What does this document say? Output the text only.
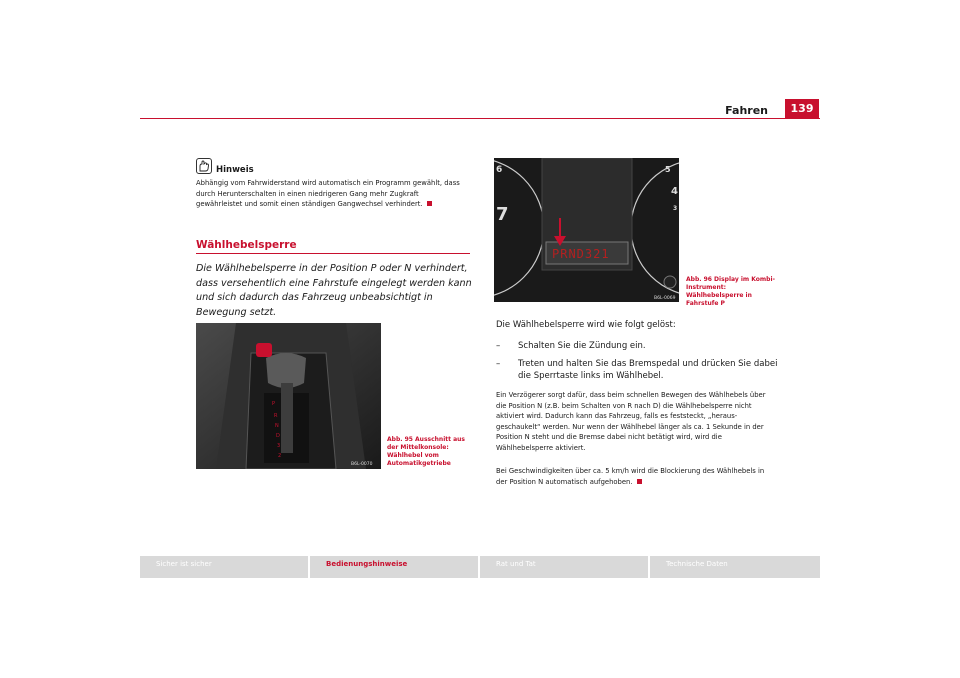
Fahren	139
Hinweis
Abhängig vom Fahrwiderstand wird automatisch ein Programm gewählt, dass durch Herunterschalten in einen niedrigeren Gang mehr Zugkraft gewährleistet und somit einen ständigen Gangwechsel verhindert.
Wählhebelsperre
Die Wählhebelsperre in der Position P oder N verhindert, dass versehentlich eine Fahrstufe eingelegt werden kann und sich dadurch das Fahrzeug unbeabsichtigt in Bewegung setzt.
P
R
N
D
3
2
B6L-0070
Abb. 95 Ausschnitt aus der Mittelkonsole: Wählhebel vom Automatikgetriebe
6
7
5
4
3
PRND321
B6L-0069
Abb. 96 Display im Kombi-Instrument: Wählhebelsperre in Fahrstufe P
Die Wählhebelsperre wird wie folgt gelöst:
– Schalten Sie die Zündung ein.
– Treten und halten Sie das Bremspedal und drücken Sie dabei die Sperrtaste links im Wählhebel.
Ein Verzögerer sorgt dafür, dass beim schnellen Bewegen des Wählhebels über die Position N (z.B. beim Schalten von R nach D) die Wählhebelsperre nicht aktiviert wird. Dadurch kann das Fahrzeug, falls es feststeckt, „heraus-geschaukelt“ werden. Nur wenn der Wählhebel länger als ca. 1 Sekunde in der Position N steht und die Bremse dabei nicht betätigt wird, wird die Wählhebelsperre aktiviert.
Bei Geschwindigkeiten über ca. 5 km/h wird die Blockierung des Wählhebels in der Position N automatisch aufgehoben.
Sicher ist sicher	Bedienungshinweise	Rat und Tat	Technische Daten
